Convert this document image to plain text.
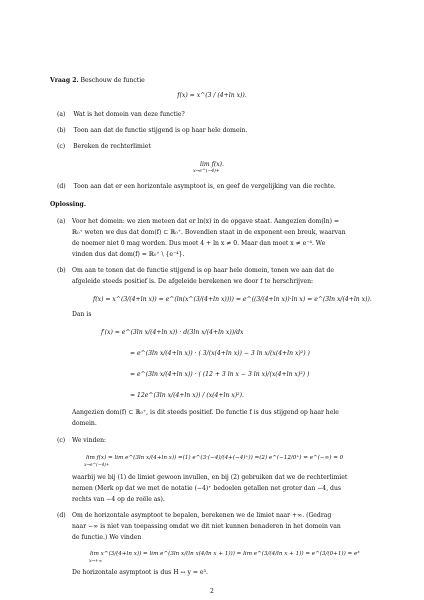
Vraag 2. Beschouw de functie
f(x) = x^(3 / (4+ln x)).
(a) Wat is het domein van deze functie?
(b) Toon aan dat de functie stijgend is op haar hele domein.
(c) Bereken de rechterlimiet
lim f(x).
x→e^(−4)+
(d) Toon aan dat er een horizontale asymptoot is, en geef de vergelijking van die rechte.
Oplossing.
(a) Voor het domein: we zien meteen dat er ln(x) in de opgave staat. Aangezien dom(ln) =
ℝ₀⁺ weten we dus dat dom(f) ⊂ ℝ₀⁺. Bovendien staat in de exponent een breuk, waarvan
de noemer niet 0 mag worden. Dus moet 4 + ln x ≠ 0. Maar dan moet x ≠ e⁻⁴. We
vinden dus dat dom(f) = ℝ₀⁺ \ {e⁻⁴}.
(b) Om aan te tonen dat de functie stijgend is op haar hele domein, tonen we aan dat de
afgeleide steeds positief is. De afgeleide berekenen we door f te herschrijven:
f(x) = x^(3/(4+ln x)) = e^(ln(x^(3/(4+ln x)))) = e^((3/(4+ln x))·ln x) = e^(3ln x/(4+ln x)).
Dan is
f′(x) = e^(3ln x/(4+ln x)) · d(3ln x/(4+ln x))/dx
= e^(3ln x/(4+ln x)) · ( 3/(x(4+ln x)) − 3 ln x/(x(4+ln x)²) )
= e^(3ln x/(4+ln x)) · ( (12 + 3 ln x − 3 ln x)/(x(4+ln x)²) )
= 12e^(3ln x/(4+ln x)) / (x(4+ln x)²).
Aangezien dom(f) ⊂ ℝ₀⁺, is dit steeds positief. De functie f is dus stijgend op haar hele
domein.
(c) We vinden:
lim f(x) = lim e^(3ln x/(4+ln x)) =(1) e^(3·(−4)/(4+(−4)⁺)) =(2) e^(−12/0⁺) = e^(−∞) = 0
x→e^(−4)+
waarbij we bij (1) de limiet gewoon invullen, en bij (2) gebruiken dat we de rechterlimiet
nemen (Merk op dat we met de notatie (−4)⁺ bedoelen getallen net groter dan −4, dus
rechts van −4 op de reële as).
(d) Om de horizontale asymptoot te bepalen, berekenen we de limiet naar +∞. (Gedrag
naar −∞ is niet van toepassing omdat we dit niet kunnen benaderen in het domein van
de functie.) We vinden
lim x^(3/(4+ln x)) = lim e^(3ln x/(ln x(4/ln x + 1))) = lim e^(3/(4/ln x + 1)) = e^(3/(0+1)) = e³
x→+∞
De horizontale asymptoot is dus H ↔ y = e³.
2
